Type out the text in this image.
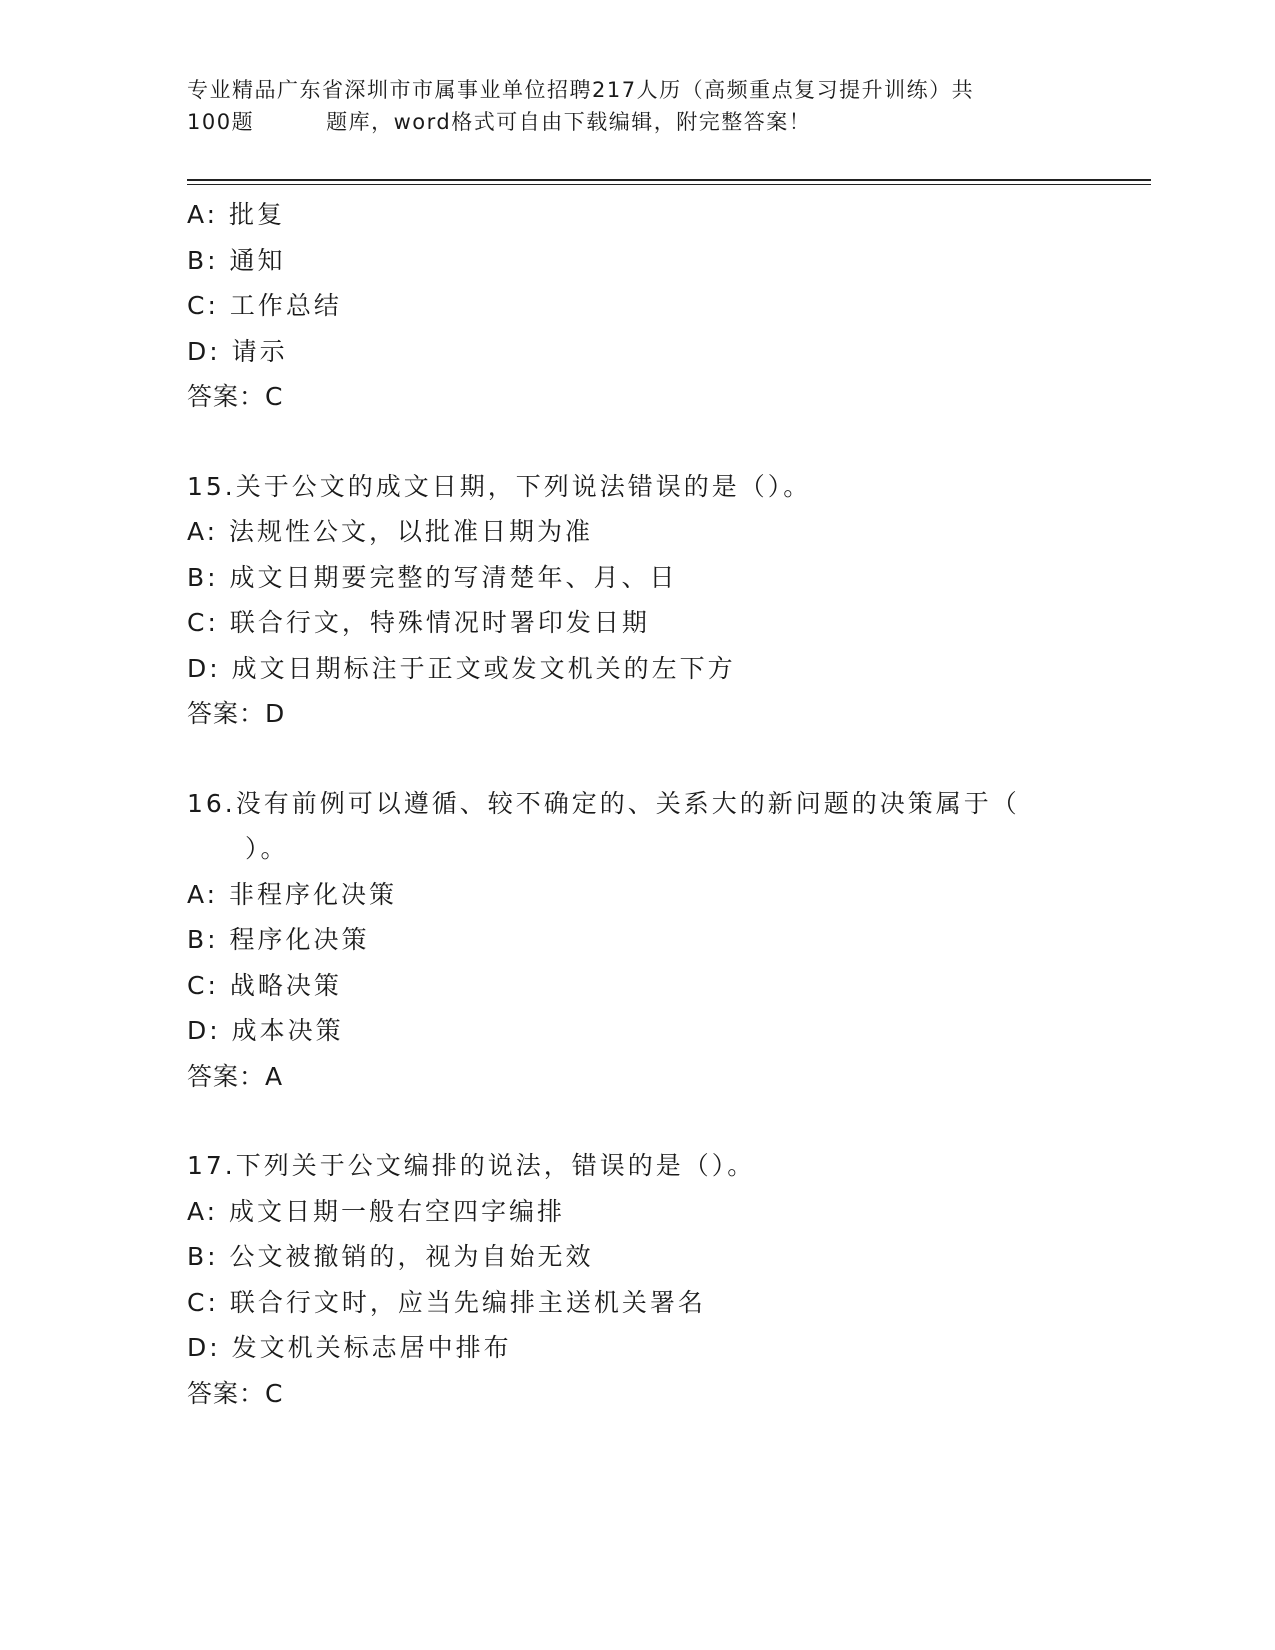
专业精品广东省深圳市市属事业单位招聘217人历（高频重点复习提升训练）共
100题	题库，word格式可自由下载编辑，附完整答案！
A: 批复
B: 通知
C: 工作总结
D: 请示
答案：C
15.关于公文的成文日期，下列说法错误的是（）。
A: 法规性公文，以批准日期为准
B: 成文日期要完整的写清楚年、月、日
C: 联合行文，特殊情况时署印发日期
D: 成文日期标注于正文或发文机关的左下方
答案：D
16.没有前例可以遵循、较不确定的、关系大的新问题的决策属于（
）。
A: 非程序化决策
B: 程序化决策
C: 战略决策
D: 成本决策
答案：A
17.下列关于公文编排的说法，错误的是（）。
A: 成文日期一般右空四字编排
B: 公文被撤销的，视为自始无效
C: 联合行文时，应当先编排主送机关署名
D: 发文机关标志居中排布
答案：C
